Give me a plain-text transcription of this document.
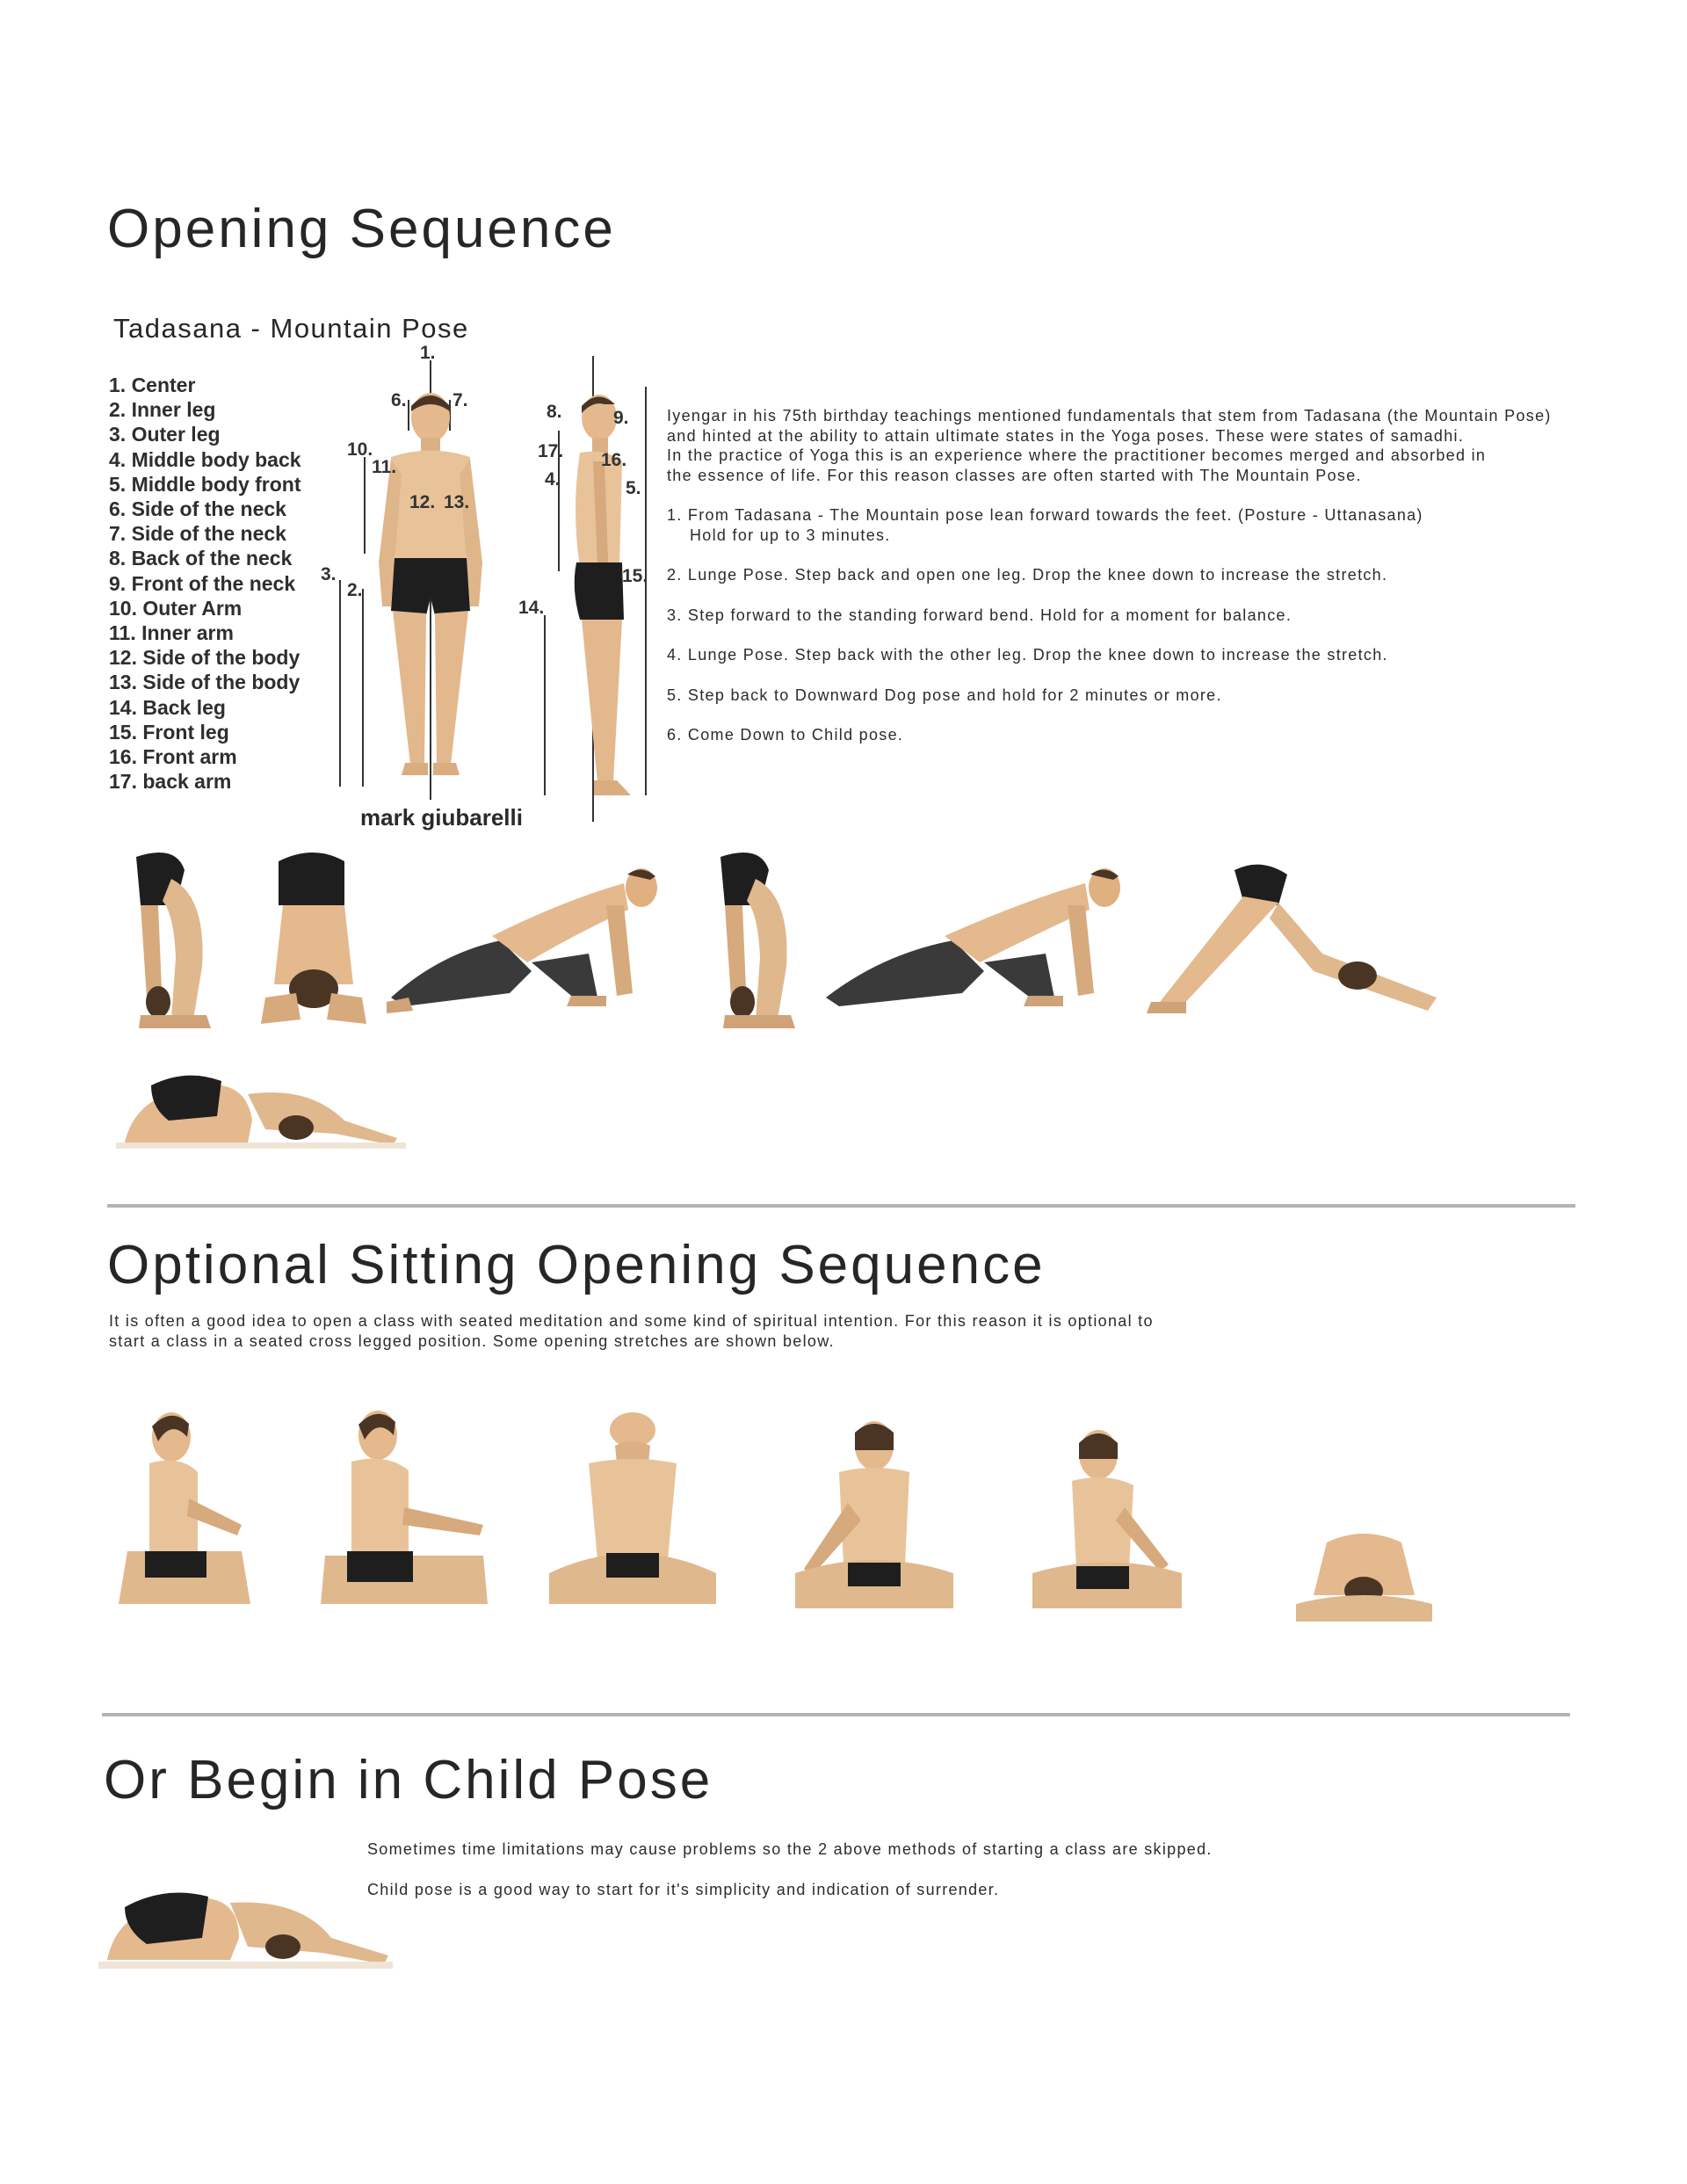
Opening Sequence
Tadasana - Mountain Pose
1. Center
2. Inner leg
3. Outer leg
4. Middle body back
5. Middle body front
6. Side of the neck
7. Side of the neck
8. Back of the neck
9. Front of the neck
10. Outer Arm
11. Inner arm
12. Side of the body
13. Side of the body
14. Back leg
15. Front leg
16. Front arm
17. back arm
1.
6. 7.
10.
11.
12. 13.
3.
2.
8.	9.
17. 16.
4.	5.
15.
14.
mark giubarelli

Iyengar in his 75th birthday teachings mentioned fundamentals that stem from Tadasana (the Mountain Pose)

and hinted at the ability to attain ultimate states in the Yoga poses. These were states of samadhi.

In the practice of Yoga this is an experience where the practitioner becomes merged and absorbed in

the essence of life. For this reason classes are often started with The Mountain Pose.

1. From Tadasana - The Mountain pose lean forward towards the feet. (Posture - Uttanasana)
Hold for up to 3 minutes.

2. Lunge Pose. Step back and open one leg. Drop the knee down to increase the stretch.

3. Step forward to the standing forward bend. Hold for a moment for balance.

4. Lunge Pose. Step back with the other leg. Drop the knee down to increase the stretch.

5. Step back to Downward Dog pose and hold for 2 minutes or more.

6. Come Down to Child pose.

Optional Sitting Opening Sequence

It is often a good idea to open a class with seated meditation and some kind of spiritual intention. For this reason it is optional to

start a class in a seated cross legged position. Some opening stretches are shown below.

Or Begin in Child Pose

Sometimes time limitations may cause problems so the 2 above methods of starting a class are skipped.

Child pose is a good way to start for it's simplicity and indication of surrender.
